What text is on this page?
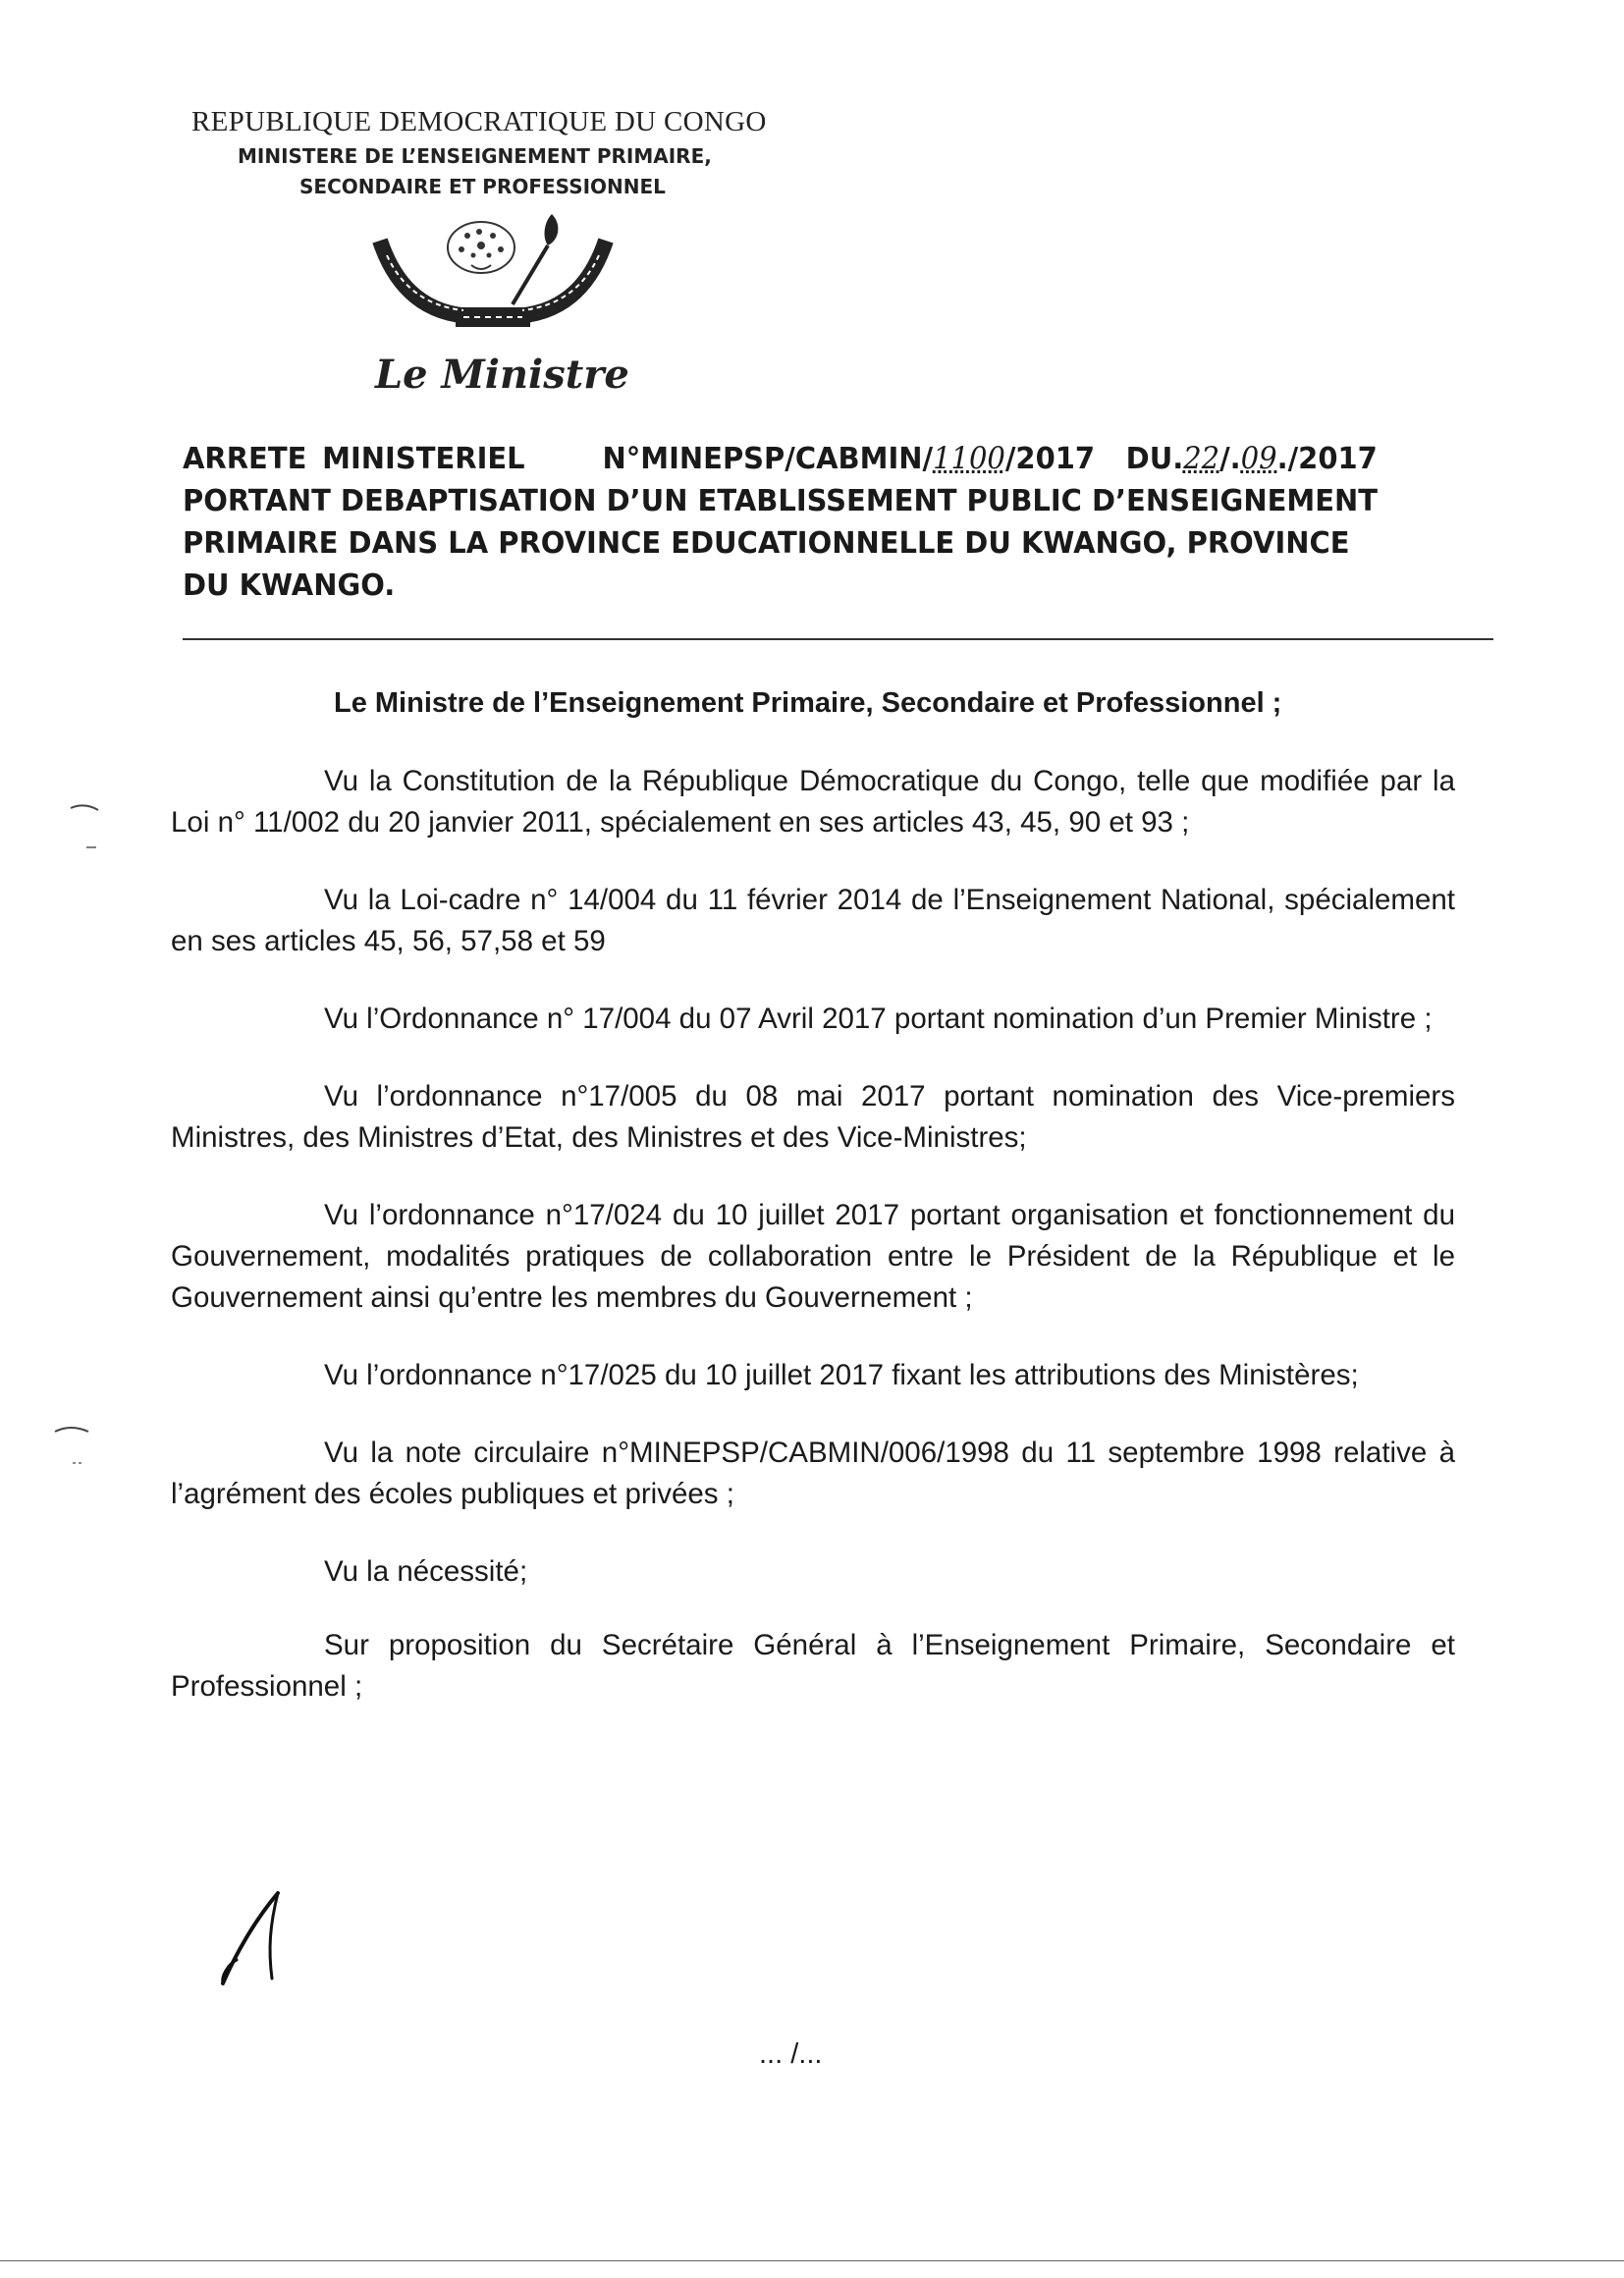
REPUBLIQUE DEMOCRATIQUE DU CONGO
MINISTERE DE L’ENSEIGNEMENT PRIMAIRE,
SECONDAIRE ET PROFESSIONNEL
Le Ministre
ARRETE MINISTERIEL	N°MINEPSP/CABMIN/1100/2017 DU.22/.09./2017
PORTANT DEBAPTISATION D’UN ETABLISSEMENT PUBLIC D’ENSEIGNEMENT
PRIMAIRE DANS LA PROVINCE EDUCATIONNELLE DU KWANGO, PROVINCE
DU KWANGO.
Le Ministre de l’Enseignement Primaire, Secondaire et Professionnel ;

Vu la Constitution de la République Démocratique du Congo, telle que modifiée par la Loi n° 11/002 du 20 janvier 2011, spécialement en ses articles 43, 45, 90 et 93 ;

Vu la Loi-cadre n° 14/004 du 11 février 2014 de l’Enseignement National, spécialement en ses articles 45, 56, 57,58 et 59

Vu l’Ordonnance n° 17/004 du 07 Avril 2017 portant nomination d’un Premier Ministre ;

Vu l’ordonnance n°17/005 du 08 mai 2017 portant nomination des Vice-premiers Ministres, des Ministres d’Etat, des Ministres et des Vice-Ministres;

Vu l’ordonnance n°17/024 du 10 juillet 2017 portant organisation et fonctionnement du Gouvernement, modalités pratiques de collaboration entre le Président de la République et le Gouvernement ainsi qu’entre les membres du Gouvernement ;

Vu l’ordonnance n°17/025 du 10 juillet 2017 fixant les attributions des Ministères;

Vu la note circulaire n°MINEPSP/CABMIN/006/1998 du 11 septembre 1998 relative à l’agrément des écoles publiques et privées ;

Vu la nécessité;

Sur proposition du Secrétaire Général à l’Enseignement Primaire, Secondaire et Professionnel ;

... /...
